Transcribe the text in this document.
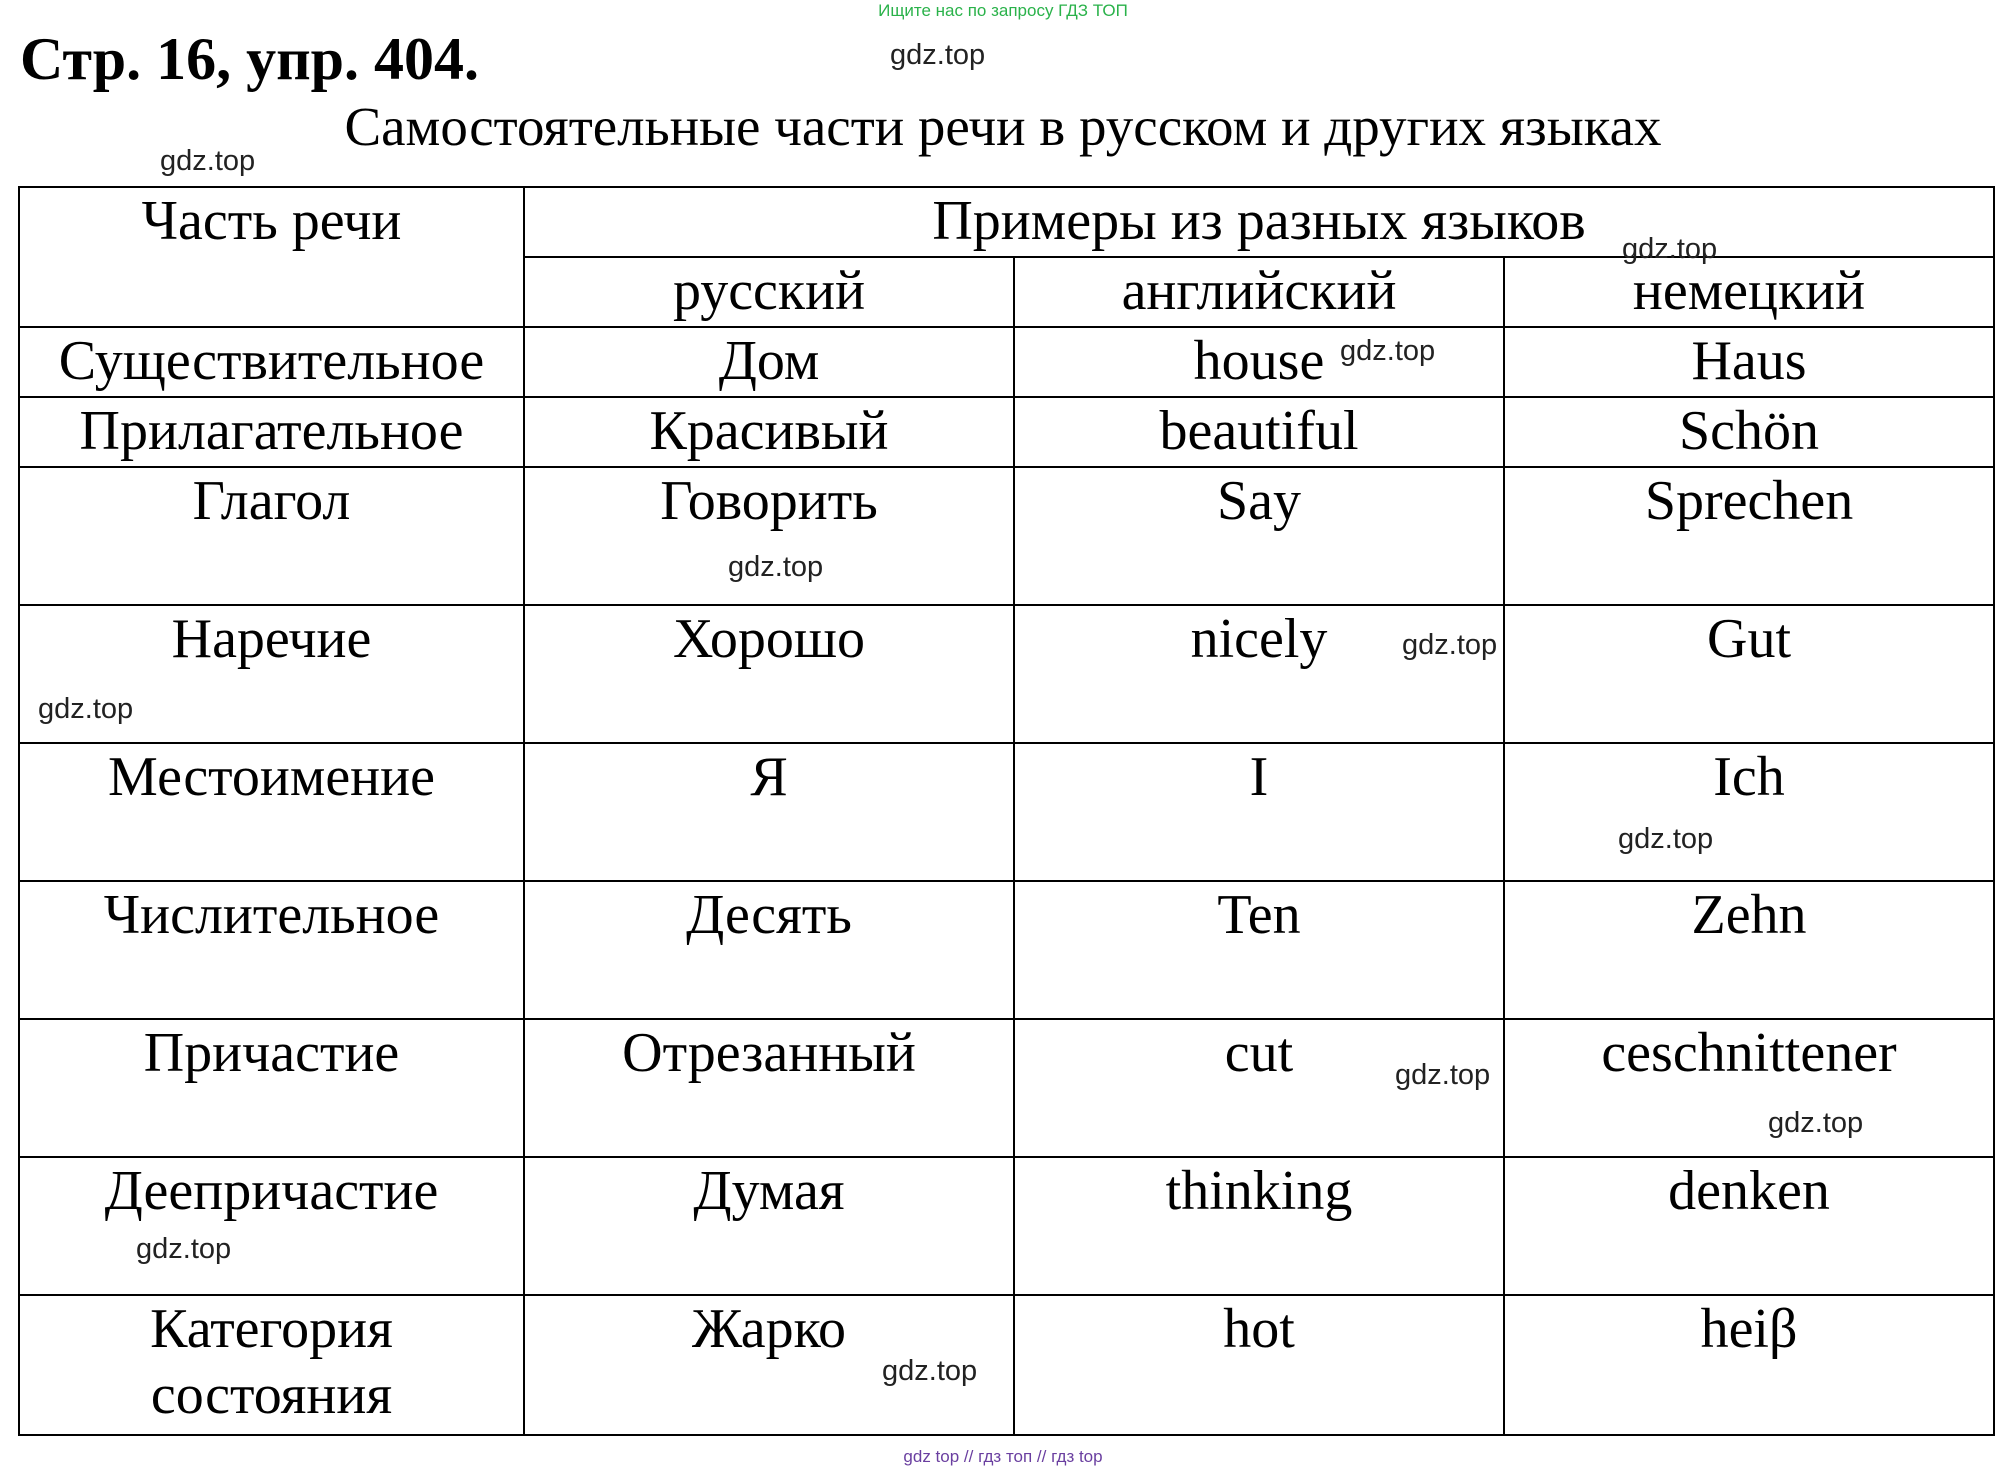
Ищите нас по запросу ГДЗ ТОП
Стр. 16, упр. 404.
Самостоятельные части речи в русском и других языках
Часть речи	Примеры из разных языков		
	русский	английский	немецкий
Существительное	Дом	house	Haus
Прилагательное	Красивый	beautiful	Schön
Глагол	Говорить	Say	Sprechen
Наречие	Хорошо	nicely	Gut
Местоимение	Я	I	Ich
Числительное	Десять	Ten	Zehn
Причастие	Отрезанный	cut	ceschnittener
Деепричастие	Думая	thinking	denken
Категория
состояния	Жарко	hot	heiβ
gdz.top
gdz.top
gdz.top
gdz.top
gdz.top
gdz.top
gdz.top
gdz.top
gdz.top
gdz.top
gdz.top
gdz.top
gdz top // гдз топ // гдз top
